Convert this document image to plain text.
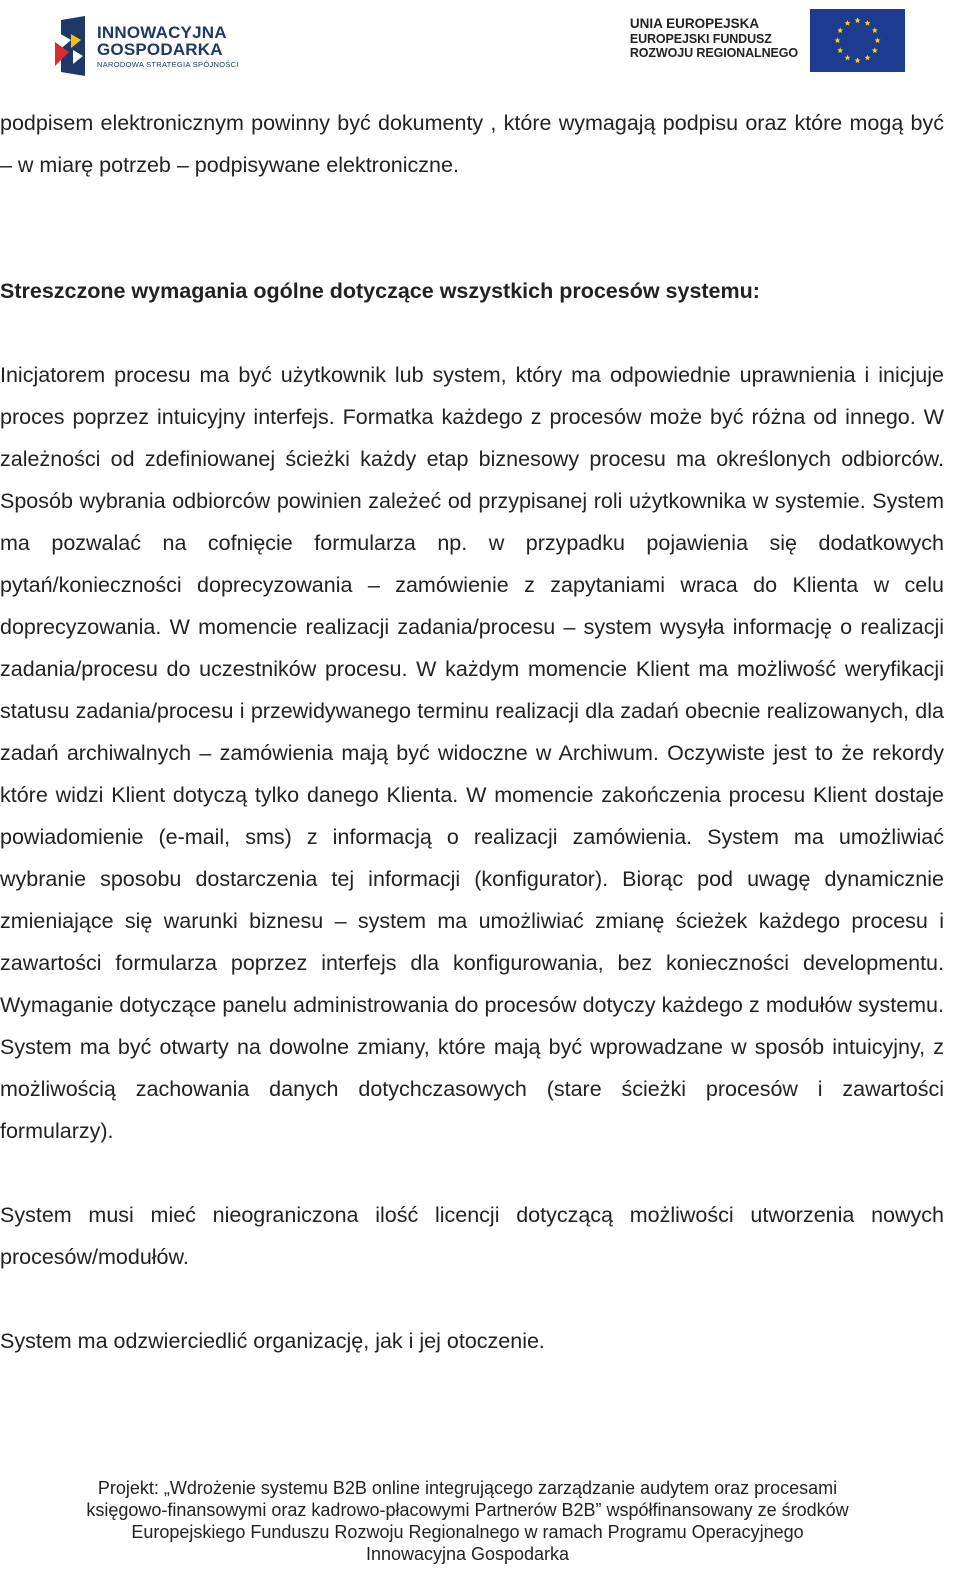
INNOWACYJNA
GOSPODARKA
NARODOWA STRATEGIA SPÓJNOŚCI
UNIA EUROPEJSKA
EUROPEJSKI FUNDUSZ
ROZWOJU REGIONALNEGO

podpisem elektronicznym powinny być dokumenty , które wymagają podpisu oraz które mogą być – w miarę potrzeb – podpisywane elektroniczne.

Streszczone wymagania ogólne dotyczące wszystkich procesów systemu:

Inicjatorem procesu ma być użytkownik lub system, który ma odpowiednie uprawnienia i inicjuje proces poprzez intuicyjny interfejs. Formatka każdego z procesów może być różna od innego. W zależności od zdefiniowanej ścieżki każdy etap biznesowy procesu ma określonych odbiorców. Sposób wybrania odbiorców powinien zależeć od przypisanej roli użytkownika w systemie. System ma pozwalać na cofnięcie formularza np. w przypadku pojawienia się dodatkowych pytań/konieczności doprecyzowania – zamówienie z zapytaniami wraca do Klienta w celu doprecyzowania. W momencie realizacji zadania/procesu – system wysyła informację o realizacji zadania/procesu do uczestników procesu. W każdym momencie Klient ma możliwość weryfikacji statusu zadania/procesu i przewidywanego terminu realizacji dla zadań obecnie realizowanych, dla zadań archiwalnych – zamówienia mają być widoczne w Archiwum. Oczywiste jest to że rekordy które widzi Klient dotyczą tylko danego Klienta. W momencie zakończenia procesu Klient dostaje powiadomienie (e-mail, sms) z informacją o realizacji zamówienia. System ma umożliwiać wybranie sposobu dostarczenia tej informacji (konfigurator). Biorąc pod uwagę dynamicznie zmieniające się warunki biznesu – system ma umożliwiać zmianę ścieżek każdego procesu i zawartości formularza poprzez interfejs dla konfigurowania, bez konieczności developmentu. Wymaganie dotyczące panelu administrowania do procesów dotyczy każdego z modułów systemu. System ma być otwarty na dowolne zmiany, które mają być wprowadzane w sposób intuicyjny, z możliwością zachowania danych dotychczasowych (stare ścieżki procesów i zawartości formularzy).

System musi mieć nieograniczona ilość licencji dotyczącą możliwości utworzenia nowych procesów/modułów.

System ma odzwierciedlić organizację, jak i jej otoczenie.

Projekt: „Wdrożenie systemu B2B online integrującego zarządzanie audytem oraz procesami
księgowo-finansowymi oraz kadrowo-płacowymi Partnerów B2B” współfinansowany ze środków
Europejskiego Funduszu Rozwoju Regionalnego w ramach Programu Operacyjnego
Innowacyjna Gospodarka
